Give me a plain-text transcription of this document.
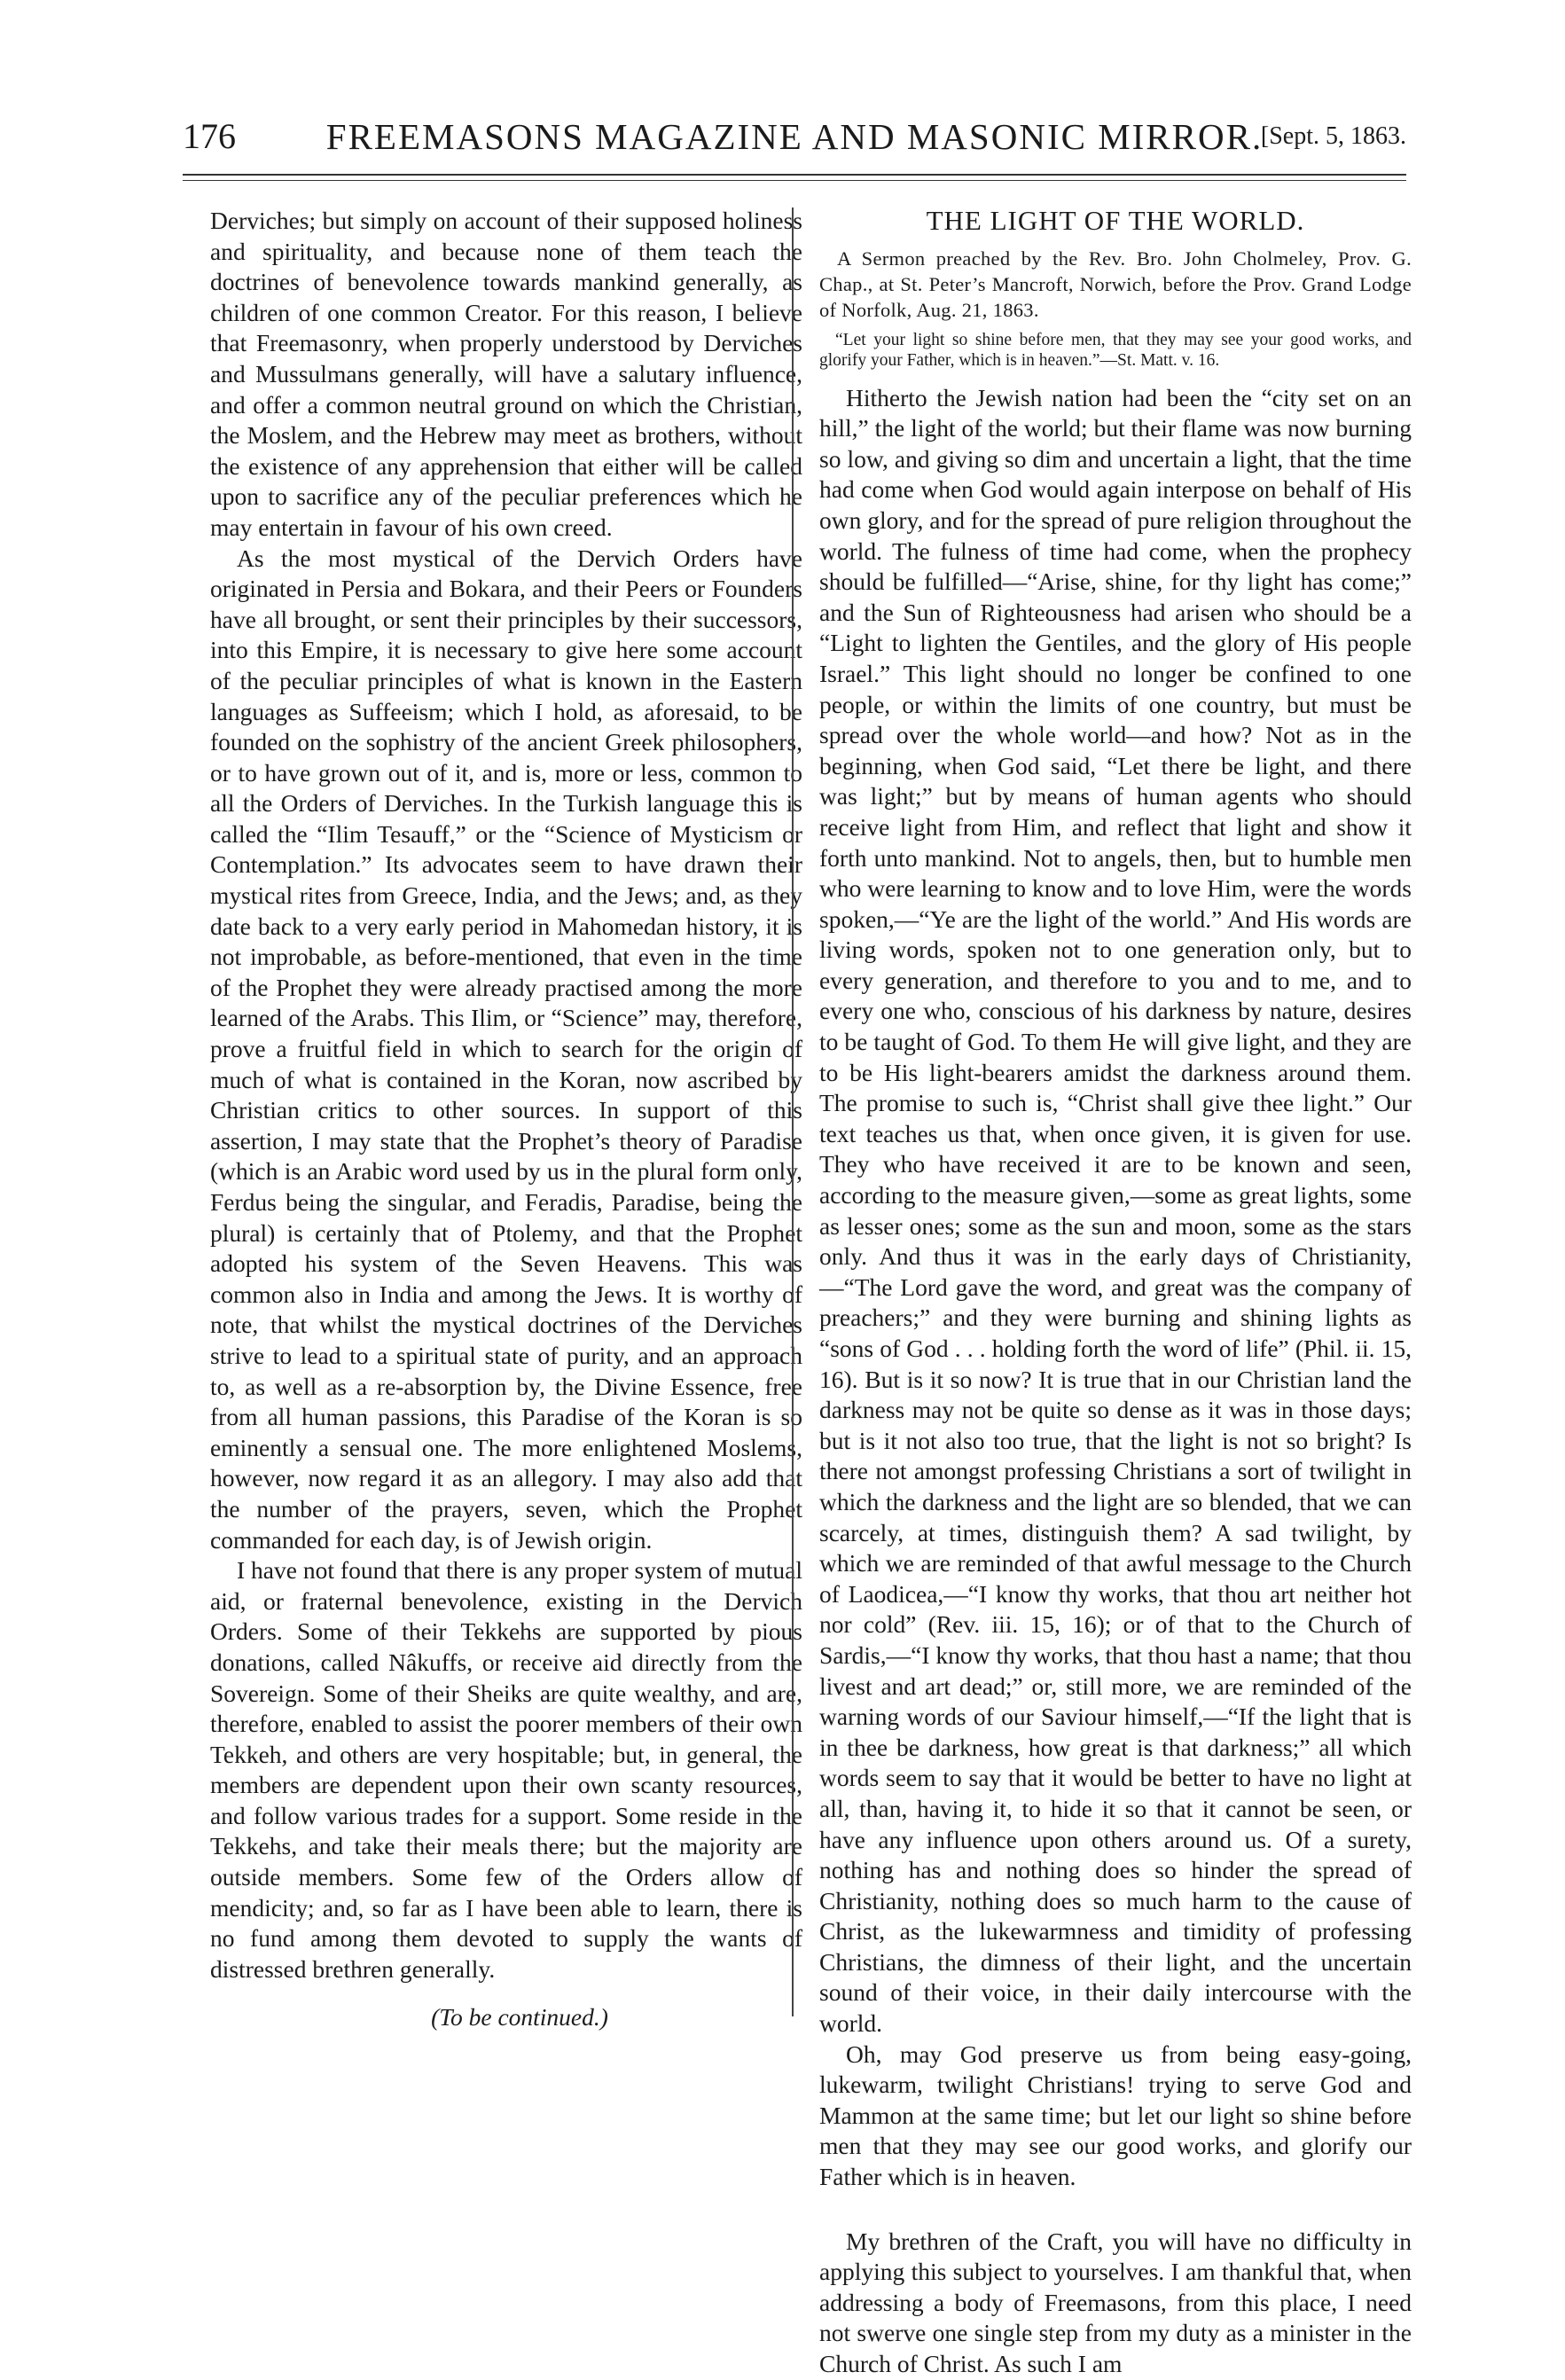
176	FREEMASONS MAGAZINE AND MASONIC MIRROR.
[Sept. 5, 1863.

Derviches; but simply on account of their supposed holiness and spirituality, and because none of them teach the doctrines of benevolence towards mankind generally, as children of one common Creator. For this reason, I believe that Freemasonry, when properly understood by Derviches and Mussulmans generally, will have a salutary influence, and offer a common neutral ground on which the Christian, the Moslem, and the Hebrew may meet as brothers, without the existence of any apprehension that either will be called upon to sacrifice any of the peculiar preferences which he may entertain in favour of his own creed.

As the most mystical of the Dervich Orders have originated in Persia and Bokara, and their Peers or Founders have all brought, or sent their principles by their successors, into this Empire, it is necessary to give here some account of the peculiar principles of what is known in the Eastern languages as Suffeeism; which I hold, as aforesaid, to be founded on the sophistry of the ancient Greek philosophers, or to have grown out of it, and is, more or less, common to all the Orders of Derviches. In the Turkish language this is called the “Ilim Tesauff,” or the “Science of Mysticism or Contemplation.” Its advocates seem to have drawn their mystical rites from Greece, India, and the Jews; and, as they date back to a very early period in Mahomedan history, it is not improbable, as before-mentioned, that even in the time of the Prophet they were already practised among the more learned of the Arabs. This Ilim, or “Science” may, therefore, prove a fruitful field in which to search for the origin of much of what is contained in the Koran, now ascribed by Christian critics to other sources. In support of this assertion, I may state that the Prophet’s theory of Paradise (which is an Arabic word used by us in the plural form only, Ferdus being the singular, and Feradis, Paradise, being the plural) is certainly that of Ptolemy, and that the Prophet adopted his system of the Seven Heavens. This was common also in India and among the Jews. It is worthy of note, that whilst the mystical doctrines of the Derviches strive to lead to a spiritual state of purity, and an approach to, as well as a re-absorption by, the Divine Essence, free from all human passions, this Paradise of the Koran is so eminently a sensual one. The more enlightened Moslems, however, now regard it as an allegory. I may also add that the number of the prayers, seven, which the Prophet commanded for each day, is of Jewish origin.

I have not found that there is any proper system of mutual aid, or fraternal benevolence, existing in the Dervich Orders. Some of their Tekkehs are supported by pious donations, called Nâkuffs, or receive aid directly from the Sovereign. Some of their Sheiks are quite wealthy, and are, therefore, enabled to assist the poorer members of their own Tekkeh, and others are very hospitable; but, in general, the members are dependent upon their own scanty resources, and follow various trades for a support. Some reside in the Tekkehs, and take their meals there; but the majority are outside members. Some few of the Orders allow of mendicity; and, so far as I have been able to learn, there is no fund among them devoted to supply the wants of distressed brethren generally.

(To be continued.)

THE LIGHT OF THE WORLD.
A Sermon preached by the Rev. Bro. John Cholmeley, Prov. G. Chap., at St. Peter’s Mancroft, Norwich, before the Prov. Grand Lodge of Norfolk, Aug. 21, 1863.
“Let your light so shine before men, that they may see your good works, and glorify your Father, which is in heaven.”—St. Matt. v. 16.

Hitherto the Jewish nation had been the “city set on an hill,” the light of the world; but their flame was now burning so low, and giving so dim and uncertain a light, that the time had come when God would again interpose on behalf of His own glory, and for the spread of pure religion throughout the world. The fulness of time had come, when the prophecy should be fulfilled—“Arise, shine, for thy light has come;” and the Sun of Righteousness had arisen who should be a “Light to lighten the Gentiles, and the glory of His people Israel.” This light should no longer be confined to one people, or within the limits of one country, but must be spread over the whole world—and how? Not as in the beginning, when God said, “Let there be light, and there was light;” but by means of human agents who should receive light from Him, and reflect that light and show it forth unto mankind. Not to angels, then, but to humble men who were learning to know and to love Him, were the words spoken,—“Ye are the light of the world.” And His words are living words, spoken not to one generation only, but to every generation, and therefore to you and to me, and to every one who, conscious of his darkness by nature, desires to be taught of God. To them He will give light, and they are to be His light-bearers amidst the darkness around them. The promise to such is, “Christ shall give thee light.” Our text teaches us that, when once given, it is given for use. They who have received it are to be known and seen, according to the measure given,—some as great lights, some as lesser ones; some as the sun and moon, some as the stars only. And thus it was in the early days of Christianity,—“The Lord gave the word, and great was the company of preachers;” and they were burning and shining lights as “sons of God . . . holding forth the word of life” (Phil. ii. 15, 16). But is it so now? It is true that in our Christian land the darkness may not be quite so dense as it was in those days; but is it not also too true, that the light is not so bright? Is there not amongst professing Christians a sort of twilight in which the darkness and the light are so blended, that we can scarcely, at times, distinguish them? A sad twilight, by which we are reminded of that awful message to the Church of Laodicea,—“I know thy works, that thou art neither hot nor cold” (Rev. iii. 15, 16); or of that to the Church of Sardis,—“I know thy works, that thou hast a name; that thou livest and art dead;” or, still more, we are reminded of the warning words of our Saviour himself,—“If the light that is in thee be darkness, how great is that darkness;” all which words seem to say that it would be better to have no light at all, than, having it, to hide it so that it cannot be seen, or have any influence upon others around us. Of a surety, nothing has and nothing does so hinder the spread of Christianity, nothing does so much harm to the cause of Christ, as the lukewarmness and timidity of professing Christians, the dimness of their light, and the uncertain sound of their voice, in their daily intercourse with the world.

Oh, may God preserve us from being easy-going, lukewarm, twilight Christians! trying to serve God and Mammon at the same time; but let our light so shine before men that they may see our good works, and glorify our Father which is in heaven.

My brethren of the Craft, you will have no difficulty in applying this subject to yourselves. I am thankful that, when addressing a body of Freemasons, from this place, I need not swerve one single step from my duty as a minister in the Church of Christ. As such I am
